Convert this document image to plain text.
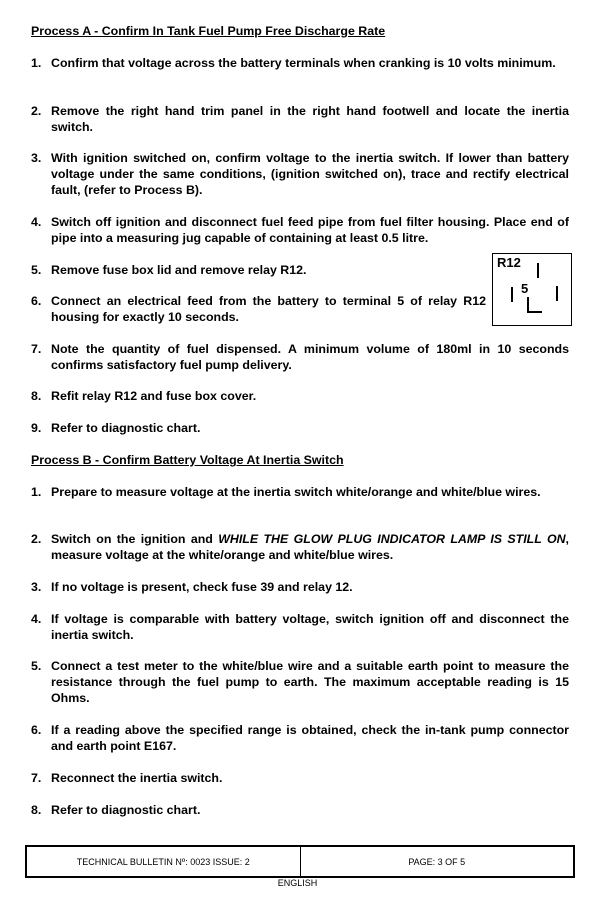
Process A - Confirm In Tank Fuel Pump Free Discharge Rate
1. Confirm that voltage across the battery terminals when cranking is 10 volts minimum.
2. Remove the right hand trim panel in the right hand footwell and locate the inertia switch.
3. With ignition switched on, confirm voltage to the inertia switch. If lower than battery voltage under the same conditions, (ignition switched on), trace and rectify electrical fault, (refer to Process B).
4. Switch off ignition and disconnect fuel feed pipe from fuel filter housing. Place end of pipe into a measuring jug capable of containing at least 0.5 litre.
5. Remove fuse box lid and remove relay R12.
6. Connect an electrical feed from the battery to terminal 5 of relay R12 housing for exactly 10 seconds.
7. Note the quantity of fuel dispensed. A minimum volume of 180ml in 10 seconds confirms satisfactory fuel pump delivery.
8. Refit relay R12 and fuse box cover.
9. Refer to diagnostic chart.
R12
5
Process B - Confirm Battery Voltage At Inertia Switch
1. Prepare to measure voltage at the inertia switch white/orange and white/blue wires.
2. Switch on the ignition and WHILE THE GLOW PLUG INDICATOR LAMP IS STILL ON, measure voltage at the white/orange and white/blue wires.
3. If no voltage is present, check fuse 39 and relay 12.
4. If voltage is comparable with battery voltage, switch ignition off and disconnect the inertia switch.
5. Connect a test meter to the white/blue wire and a suitable earth point to measure the resistance through the fuel pump to earth. The maximum acceptable reading is 15 Ohms.
6. If a reading above the specified range is obtained, check the in-tank pump connector and earth point E167.
7. Reconnect the inertia switch.
8. Refer to diagnostic chart.
TECHNICAL BULLETIN Nº: 0023 ISSUE: 2	PAGE: 3 OF 5
ENGLISH
